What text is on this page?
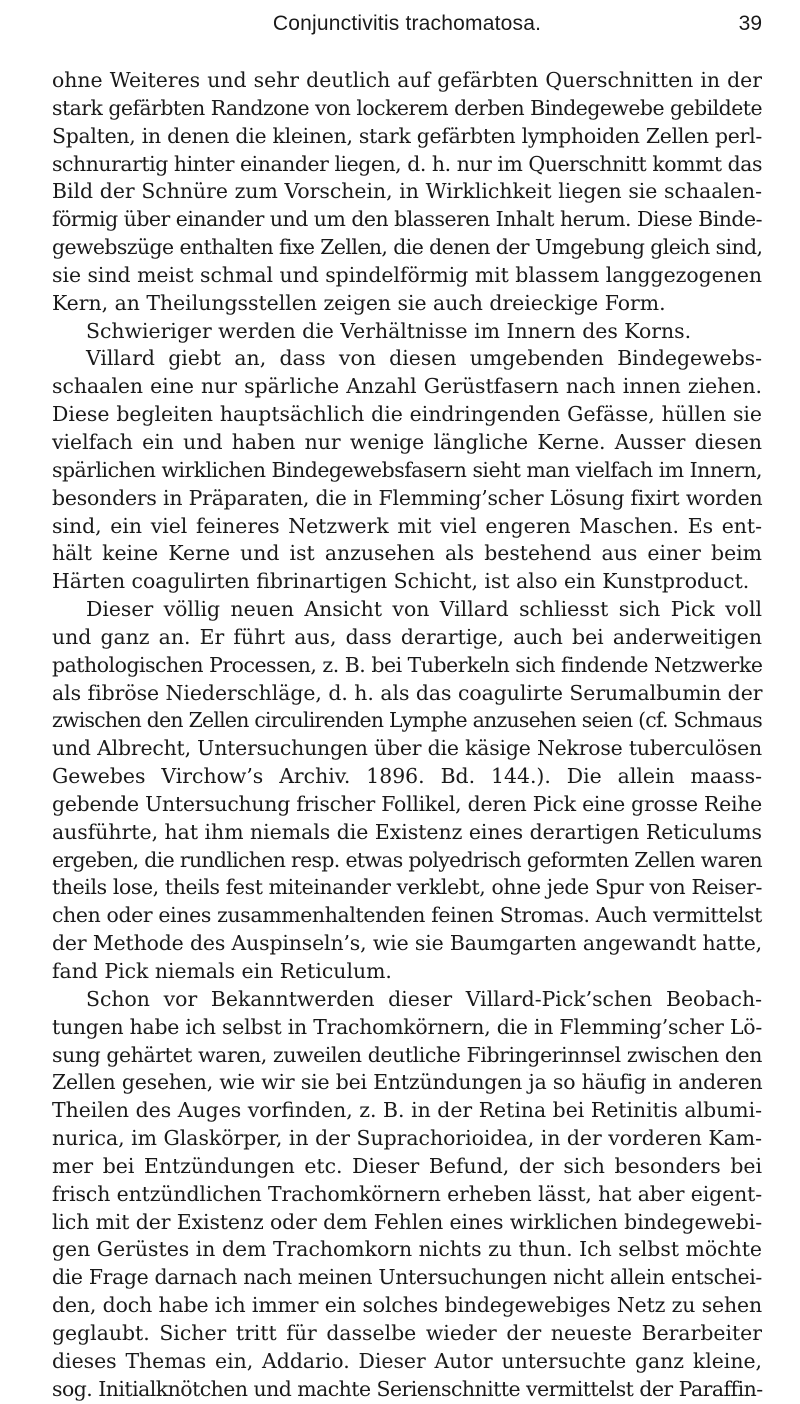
Conjunctivitis trachomatosa.	39
ohne Weiteres und sehr deutlich auf gefärbten Querschnitten in der
stark gefärbten Randzone von lockerem derben Bindegewebe gebildete
Spalten, in denen die kleinen, stark gefärbten lymphoiden Zellen perl-
schnurartig hinter einander liegen, d. h. nur im Querschnitt kommt das
Bild der Schnüre zum Vorschein, in Wirklichkeit liegen sie schaalen-
förmig über einander und um den blasseren Inhalt herum. Diese Binde-
gewebszüge enthalten fixe Zellen, die denen der Umgebung gleich sind,
sie sind meist schmal und spindelförmig mit blassem langgezogenen
Kern, an Theilungsstellen zeigen sie auch dreieckige Form.
Schwieriger werden die Verhältnisse im Innern des Korns.
Villard giebt an, dass von diesen umgebenden Bindegewebs-
schaalen eine nur spärliche Anzahl Gerüstfasern nach innen ziehen.
Diese begleiten hauptsächlich die eindringenden Gefässe, hüllen sie
vielfach ein und haben nur wenige längliche Kerne. Ausser diesen
spärlichen wirklichen Bindegewebsfasern sieht man vielfach im Innern,
besonders in Präparaten, die in Flemming’scher Lösung fixirt worden
sind, ein viel feineres Netzwerk mit viel engeren Maschen. Es ent-
hält keine Kerne und ist anzusehen als bestehend aus einer beim
Härten coagulirten fibrinartigen Schicht, ist also ein Kunstproduct.
Dieser völlig neuen Ansicht von Villard schliesst sich Pick voll
und ganz an. Er führt aus, dass derartige, auch bei anderweitigen
pathologischen Processen, z. B. bei Tuberkeln sich findende Netzwerke
als fibröse Niederschläge, d. h. als das coagulirte Serumalbumin der
zwischen den Zellen circulirenden Lymphe anzusehen seien (cf. Schmaus
und Albrecht, Untersuchungen über die käsige Nekrose tuberculösen
Gewebes Virchow’s Archiv. 1896. Bd. 144.). Die allein maass-
gebende Untersuchung frischer Follikel, deren Pick eine grosse Reihe
ausführte, hat ihm niemals die Existenz eines derartigen Reticulums
ergeben, die rundlichen resp. etwas polyedrisch geformten Zellen waren
theils lose, theils fest miteinander verklebt, ohne jede Spur von Reiser-
chen oder eines zusammenhaltenden feinen Stromas. Auch vermittelst
der Methode des Auspinseln’s, wie sie Baumgarten angewandt hatte,
fand Pick niemals ein Reticulum.
Schon vor Bekanntwerden dieser Villard-Pick’schen Beobach-
tungen habe ich selbst in Trachomkörnern, die in Flemming’scher Lö-
sung gehärtet waren, zuweilen deutliche Fibringerinnsel zwischen den
Zellen gesehen, wie wir sie bei Entzündungen ja so häufig in anderen
Theilen des Auges vorfinden, z. B. in der Retina bei Retinitis albumi-
nurica, im Glaskörper, in der Suprachorioidea, in der vorderen Kam-
mer bei Entzündungen etc. Dieser Befund, der sich besonders bei
frisch entzündlichen Trachomkörnern erheben lässt, hat aber eigent-
lich mit der Existenz oder dem Fehlen eines wirklichen bindegewebi-
gen Gerüstes in dem Trachomkorn nichts zu thun. Ich selbst möchte
die Frage darnach nach meinen Untersuchungen nicht allein entschei-
den, doch habe ich immer ein solches bindegewebiges Netz zu sehen
geglaubt. Sicher tritt für dasselbe wieder der neueste Berarbeiter
dieses Themas ein, Addario. Dieser Autor untersuchte ganz kleine,
sog. Initialknötchen und machte Serienschnitte vermittelst der Paraffin-
